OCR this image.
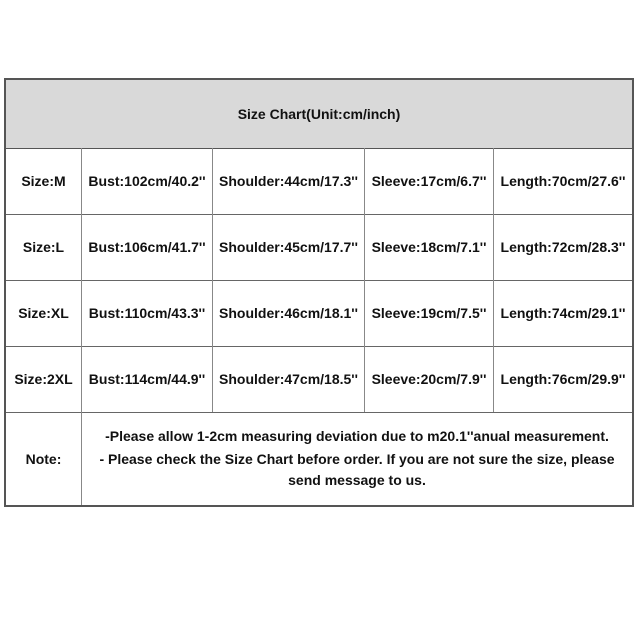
Size Chart(Unit:cm/inch)
Size:M	Bust:102cm/40.2'' Shoulder:44cm/17.3'' Sleeve:17cm/6.7''	Length:70cm/27.6''
Size:L	Bust:106cm/41.7'' Shoulder:45cm/17.7'' Sleeve:18cm/7.1''	Length:72cm/28.3''
Size:XL	Bust:110cm/43.3'' Shoulder:46cm/18.1'' Sleeve:19cm/7.5''	Length:74cm/29.1''
Size:2XL	Bust:114cm/44.9'' Shoulder:47cm/18.5'' Sleeve:20cm/7.9''	Length:76cm/29.9''
Note:

-Please allow 1-2cm measuring deviation due to m20.1''anual measurement.

- Please check the Size Chart before order. If you are not sure the size, please send message to us.
